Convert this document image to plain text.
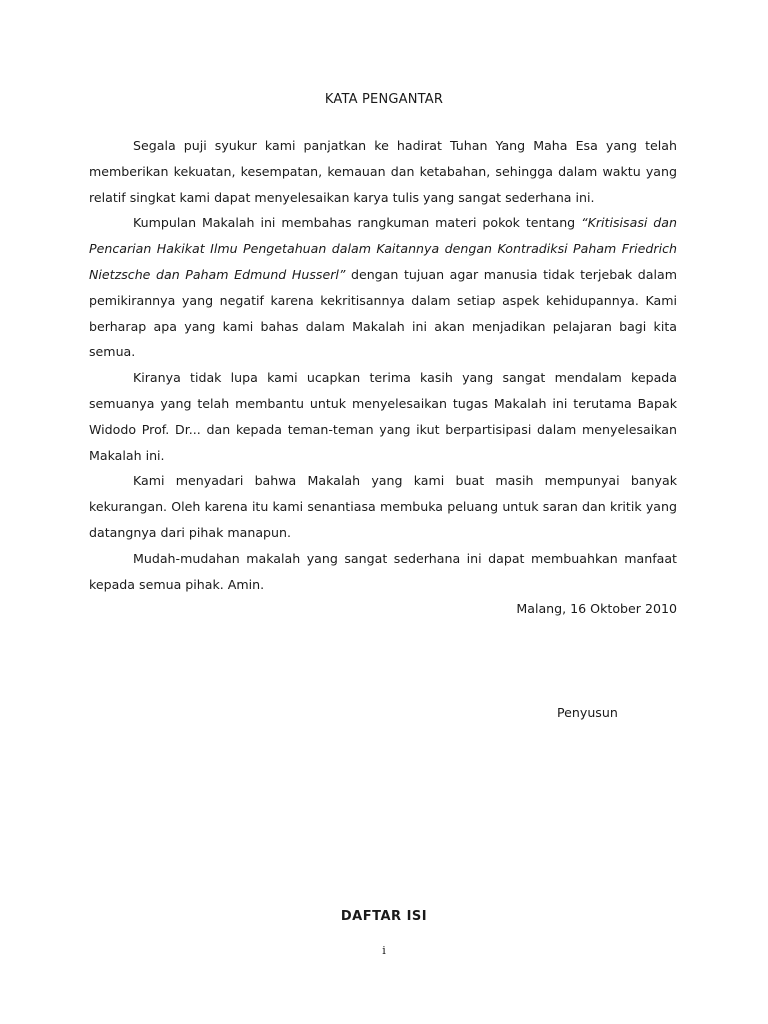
KATA PENGANTAR

Segala puji syukur kami panjatkan ke hadirat Tuhan Yang Maha Esa yang telah memberikan kekuatan, kesempatan, kemauan dan ketabahan, sehingga dalam waktu yang relatif singkat kami dapat menyelesaikan karya tulis yang sangat sederhana ini.

Kumpulan Makalah ini membahas rangkuman materi pokok tentang “Kritisisasi dan Pencarian Hakikat Ilmu Pengetahuan dalam Kaitannya dengan Kontradiksi Paham Friedrich Nietzsche dan Paham Edmund Husserl” dengan tujuan agar manusia tidak terjebak dalam pemikirannya yang negatif karena kekritisannya dalam setiap aspek kehidupannya. Kami berharap apa yang kami bahas dalam Makalah ini akan menjadikan pelajaran bagi kita semua.

Kiranya tidak lupa kami ucapkan terima kasih yang sangat mendalam kepada semuanya yang telah membantu untuk menyelesaikan tugas Makalah ini terutama Bapak Widodo Prof. Dr... dan kepada teman-teman yang ikut berpartisipasi dalam menyelesaikan Makalah ini.

Kami menyadari bahwa Makalah yang kami buat masih mempunyai banyak kekurangan. Oleh karena itu kami senantiasa membuka peluang untuk saran dan kritik yang datangnya dari pihak manapun.

Mudah-mudahan makalah yang sangat sederhana ini dapat membuahkan manfaat kepada semua pihak. Amin.

Malang, 16 Oktober 2010
Penyusun
DAFTAR ISI
i
